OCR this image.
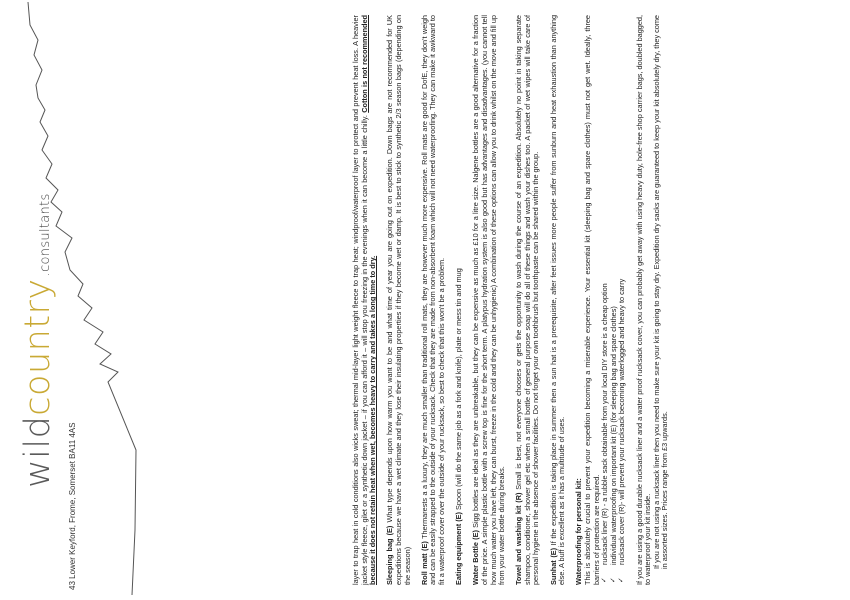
layer to trap heat in cold conditions also wicks sweat; thermal mid-layer light weight fleece to trap heat; windproof/waterproof layer to protect and prevent heat loss. A heavier jacket style fleece, gilet or a synthetic down jacket – if you can afford it – will stop you freezing in the evenings when it can become a little chilly. Cotton is not recommended because it does not retain heat when wet, becomes heavy to carry and takes a long time to dry. Sleeping bag (E) What type depends upon how warm you want to be and what time of year you are going out on expedition. Down bags are not recommended for UK expeditions because we have a wet climate and they lose their insulating properties if they become wet or damp. It is best to stick to synthetic 2/3 season bags (depending on the season) Roll matt (E) Thermarests a a luxury, they are much smaller than traditional roll mats, they are however much more expensive. Roll mats are good for DofE, they don't weigh and can be easily strapped to the outside of your rucksack. Check that they are made from non-absorbent foam which will not need waterproofing. They can make it awkward to fit a waterproof cover over the outside of your rucksack, so best to check that this won't be a problem. Eating equipment (E) Spoon (will do the same job as a fork and knife), plate or mess tin and mug

Water Bottle (E) Sigg bottles are ideal as they are unbreakable, but they can be expensive as much as £10 for a litre size. Nalgene bottles are a good alternative for a fraction of the price. A simple plastic bottle with a screw top is fine for the short term. A platypus hydration system is also good but has advantages and disadvantages. (you cannot tell how much water you have left, they can burst, freeze in the cold and they can be unhygienic) A combination of these options can allow you to drink whilst on the move and fill up from your water bottle during breaks. Towel and washing kit (R) Small is best, not everyone chooses or gets the opportunity to wash during the course of an expedition. Absolutely no point in taking separate shampoo, conditioner, shower gel etc when a small bottle of general purpose soap will do all of these things and wash your dishes too. A packet of wet wipes will take care of personal hygiene in the absence of shower facilities. Do not forget your own toothbrush but toothpaste can be shared within the group. Sunhat (E) If the expedition is taking place in summer then a sun hat is a prerequisite, after feet issues more people suffer from sunburn and heat exhaustion than anything else. A buff is excellent as it has a multitude of uses. Waterproofing for personal kit: This is absolutely crucial to prevent your expedition becoming a miserable experience. Your essential kit (sleeping bag and spare clothes) must not get wet. Ideally, three barriers of protection are required. ✓ rucksack liner (R) - a rubble sack obtainable from your local DIY store is a cheap option ✓ individual waterproofing on important kit (E) (for sleeping bag and spare clothes) ✓ rucksack cover (R)- will prevent your rucksack becoming waterlogged and heavy to carry If you are using a good durable rucksack liner and a water proof rucksack cover, you can probably get away with using heavy duty, hole-free shop carrier bags, doubled bagged, to waterproof your kit inside. If you are not using a rucksack liner then you need to make sure your kit is going to stay dry. Expedition dry sacks are guaranteed to keep your kit absolutely dry, they come in assorted sizes. Prices range from £3 upwards.
wildcountry.consultants
43 Lower Keyford, Frome, Somerset BA11 4AS
